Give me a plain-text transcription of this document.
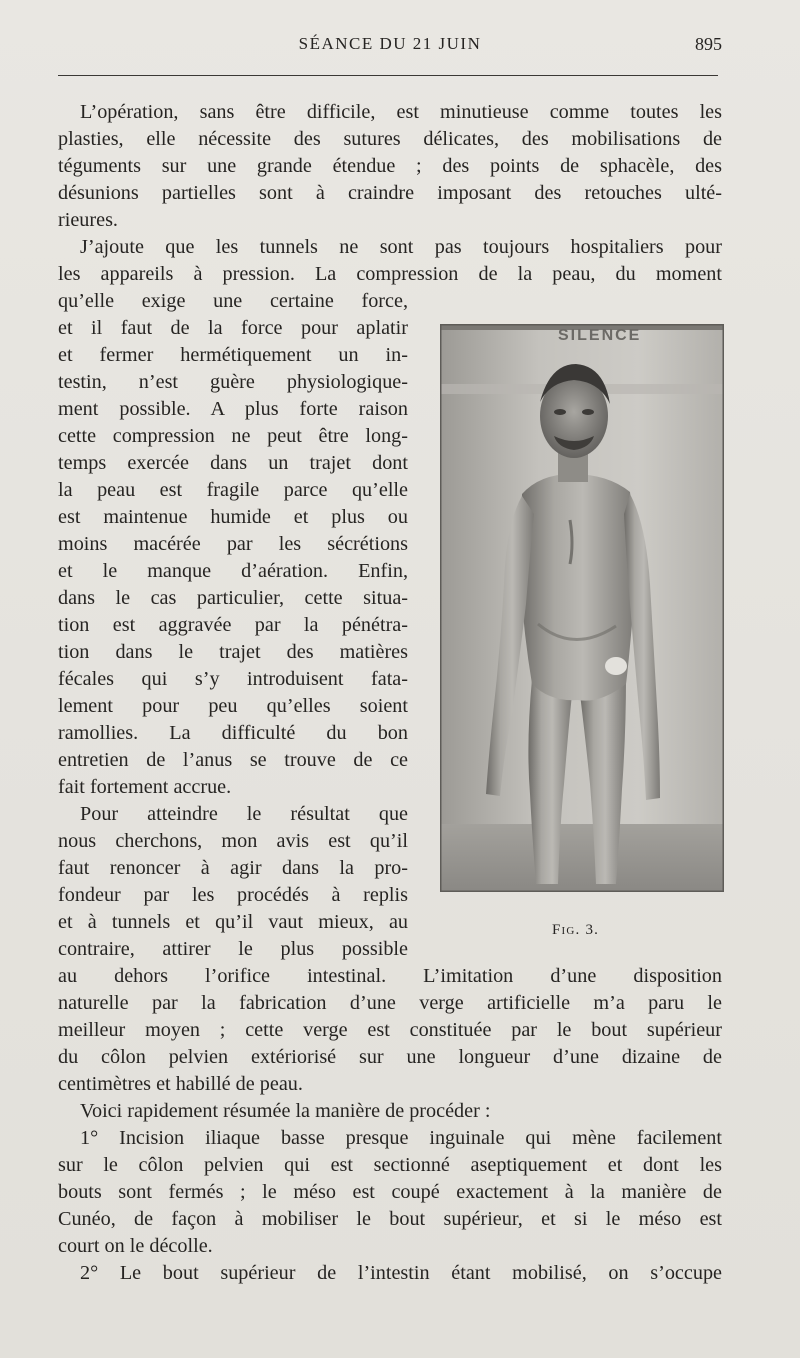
SÉANCE DU 21 JUIN	895
L’opération, sans être difficile, est minutieuse comme toutes les
plasties, elle nécessite des sutures délicates, des mobilisations de
téguments sur une grande étendue ; des points de sphacèle, des
désunions partielles sont à craindre imposant des retouches ulté-
rieures.
J’ajoute que les tunnels ne sont pas toujours hospitaliers pour
les appareils à pression. La compression de la peau, du moment
qu’elle exige une certaine force,
et il faut de la force pour aplatir
et fermer hermétiquement un in-
testin, n’est guère physiologique-
ment possible. A plus forte raison
cette compression ne peut être long-
temps exercée dans un trajet dont
la peau est fragile parce qu’elle
est maintenue humide et plus ou
moins macérée par les sécrétions
et le manque d’aération. Enfin,
dans le cas particulier, cette situa-
tion est aggravée par la pénétra-
tion dans le trajet des matières
fécales qui s’y introduisent fata-
lement pour peu qu’elles soient
ramollies. La difficulté du bon
entretien de l’anus se trouve de ce
fait fortement accrue.
Pour atteindre le résultat que
nous cherchons, mon avis est qu’il
faut renoncer à agir dans la pro-
fondeur par les procédés à replis
et à tunnels et qu’il vaut mieux, au
contraire, attirer le plus possible
au dehors l’orifice intestinal. L’imitation d’une disposition
naturelle par la fabrication d’une verge artificielle m’a paru le
meilleur moyen ; cette verge est constituée par le bout supérieur
du côlon pelvien extériorisé sur une longueur d’une dizaine de
centimètres et habillé de peau.
Voici rapidement résumée la manière de procéder :
1° Incision iliaque basse presque inguinale qui mène facilement
sur le côlon pelvien qui est sectionné aseptiquement et dont les
bouts sont fermés ; le méso est coupé exactement à la manière de
Cunéo, de façon à mobiliser le bout supérieur, et si le méso est
court on le décolle.
2° Le bout supérieur de l’intestin étant mobilisé, on s’occupe
SILENCE
Fig. 3.
